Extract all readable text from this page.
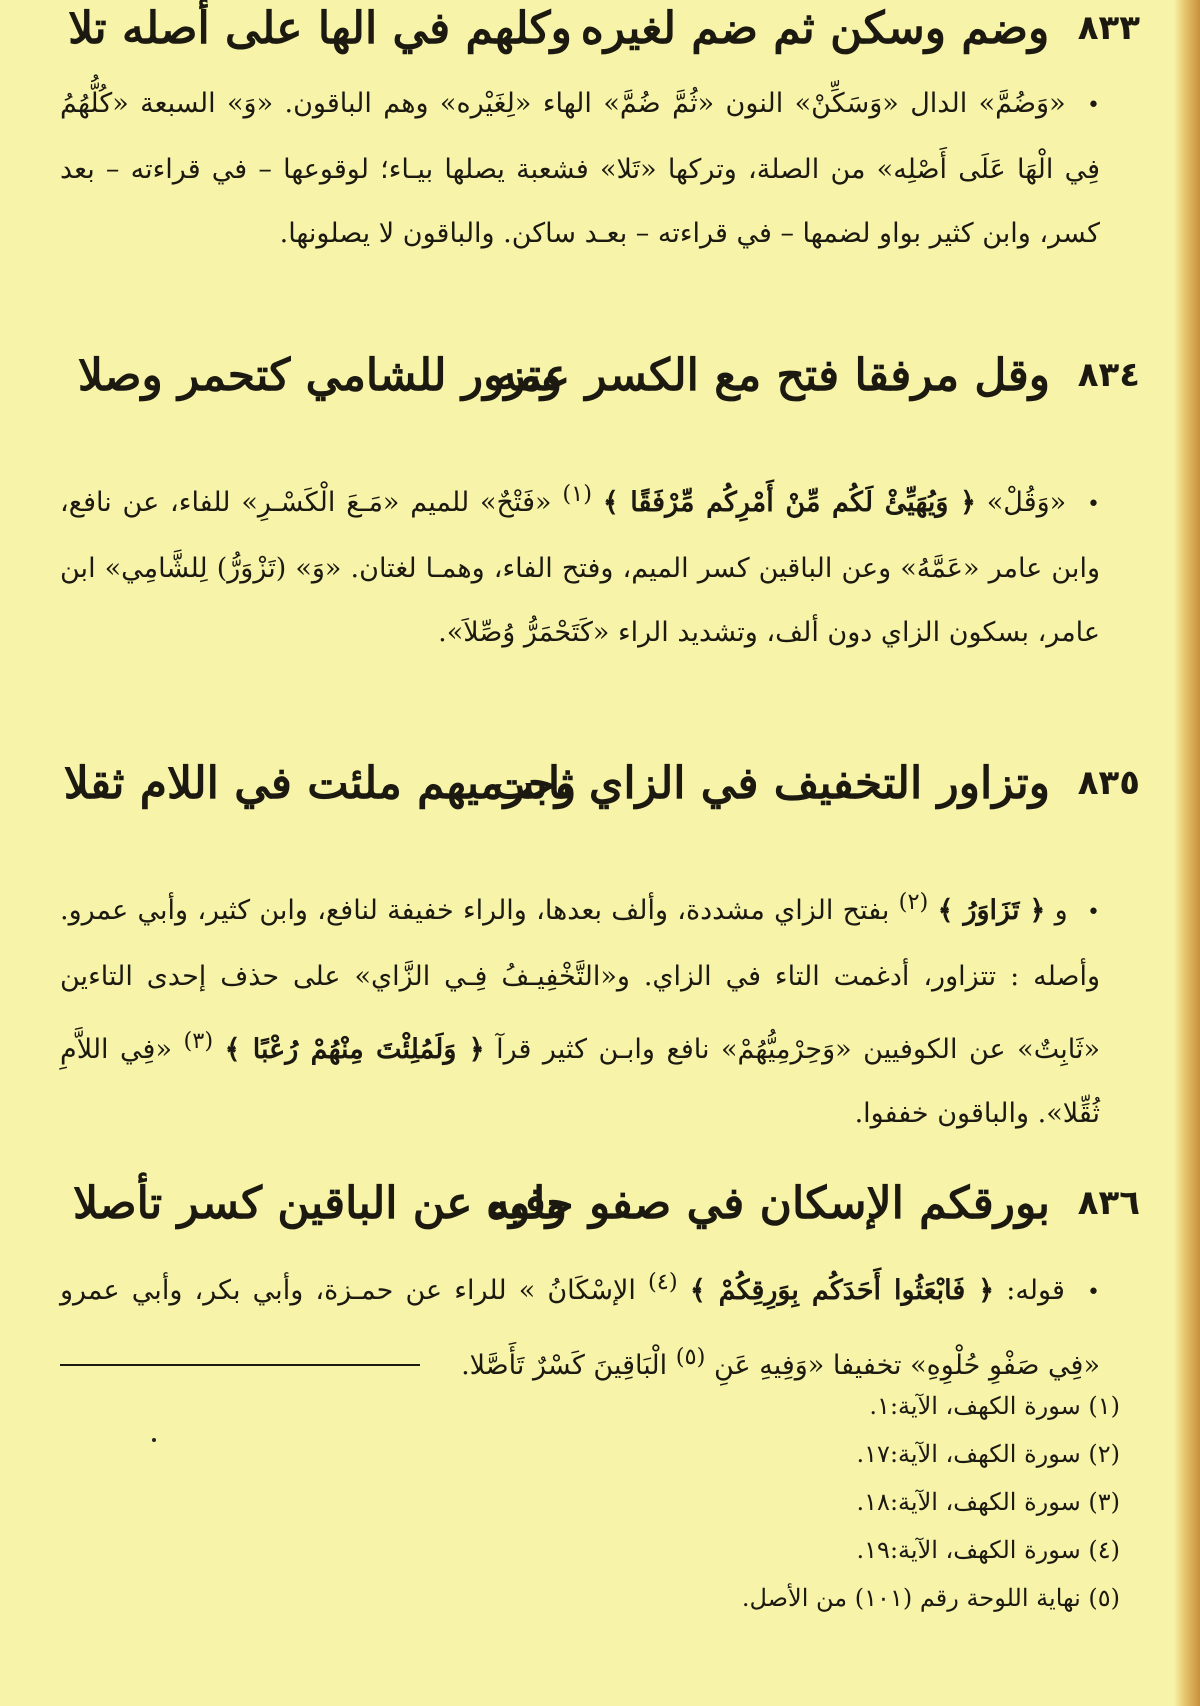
٨٣٣
وضم وسكن ثم ضم لغيره
وكلهم في الها على أصله تلا

• «وَضُمَّ» الدال «وَسَكِّنْ» النون «ثُمَّ ضُمَّ» الهاء «لِغَيْره» وهم الباقون. «وَ» السبعة «كُلُّهُمُ فِي الْهَا عَلَى أَصْلِه» من الصلة، وتركها «تَلا» فشعبة يصلها بيـاء؛ لوقوعها – في قراءته – بعد كسر، وابن كثير بواو لضمها – في قراءته – بعـد ساكن. والباقون لا يصلونها.

٨٣٤
وقل مرفقا فتح مع الكسر عمه
وتزور للشامي كتحمر وصلا

• «وَقُلْ» ﴿ وَيُهَيِّئْ لَكُم مِّنْ أَمْرِكُم مِّرْفَقًا ﴾ $^{(١)}$ «فَتْحٌ» للميم «مَـعَ الْكَسْـرِ» للفاء، عن نافع، وابن عامر «عَمَّهُ» وعن الباقين كسر الميم، وفتح الفاء، وهمـا لغتان. «وَ» (تَزْوَرُّ) لِلشَّامِي» ابن عامر، بسكون الزاي دون ألف، وتشديد الراء «كَتَحْمَرُّ وُصِّلاَ».

٨٣٥
وتزاور التخفيف في الزاي ثابت
وحرميهم ملئت في اللام ثقلا

• و ﴿ تَزَاوَرُ ﴾ $^{(٢)}$ بفتح الزاي مشددة، وألف بعدها، والراء خفيفة لنافع، وابن كثير، وأبي عمرو. وأصله : تتزاور، أدغمت التاء في الزاي. و«التَّخْفِيـفُ فِـي الزَّاي» على حذف إحدى التاءين «ثَابِتٌ» عن الكوفيين «وَحِرْمِيُّهُمْ» نافع وابـن كثير قرآ ﴿ وَلَمُلِئْتَ مِنْهُمْ رُعْبًا ﴾ $^{(٣)}$ «فِي اللاَّمِ ثُقِّلا». والباقون خففوا.

٨٣٦
بورقكم الإسكان في صفو حلوه
وفيه عن الباقين كسر تأصلا

• قوله: ﴿ فَابْعَثُوا أَحَدَكُم بِوَرِقِكُمْ ﴾ $^{(٤)}$ الإسْكَانُ » للراء عن حمـزة، وأبي بكر، وأبي عمرو «فِي صَفْوِ حُلْوِهِ» تخفيفا «وَفِيهِ عَنِ $^{(٥)}$ الْبَاقِينَ كَسْرٌ تَأَصَّلا.

(١) سورة الكهف، الآية:١.
(٢) سورة الكهف، الآية:١٧.
(٣) سورة الكهف، الآية:١٨.
(٤) سورة الكهف، الآية:١٩.
(٥) نهاية اللوحة رقم (١٠١) من الأصل.
